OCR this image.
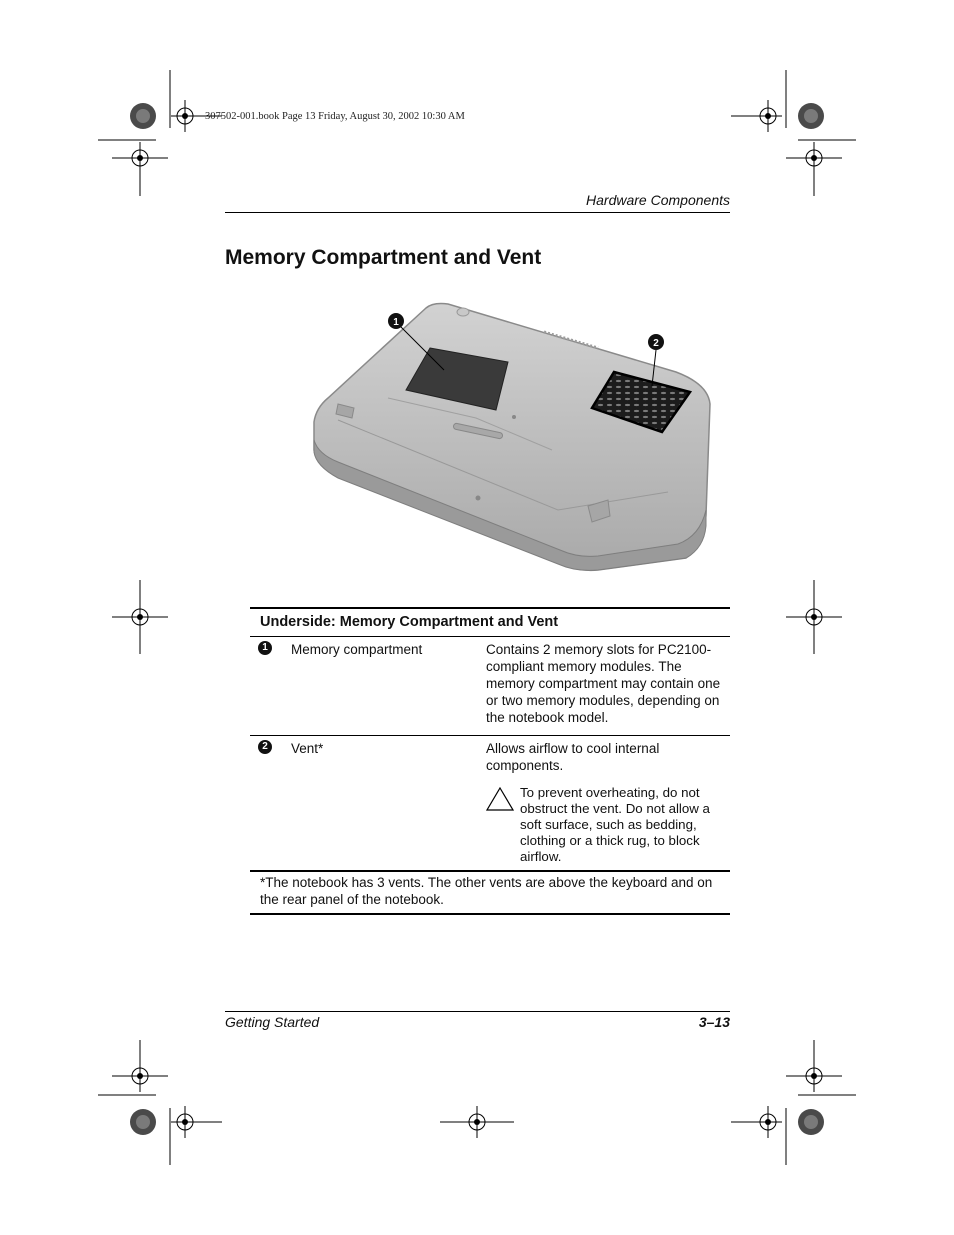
307502-001.book Page 13 Friday, August 30, 2002 10:30 AM
Hardware Components
Memory Compartment and Vent
1
2
Underside: Memory Compartment and Vent
1	Memory compartment	Contains 2 memory slots for PC2100-compliant memory modules. The memory compartment may contain one or two memory modules, depending on the notebook model.
2	Vent*	Allows airflow to cool internal components.
To prevent overheating, do not obstruct the vent. Do not allow a soft surface, such as bedding, clothing or a thick rug, to block airflow.
*The notebook has 3 vents. The other vents are above the keyboard and on the rear panel of the notebook.
Getting Started	3–13
